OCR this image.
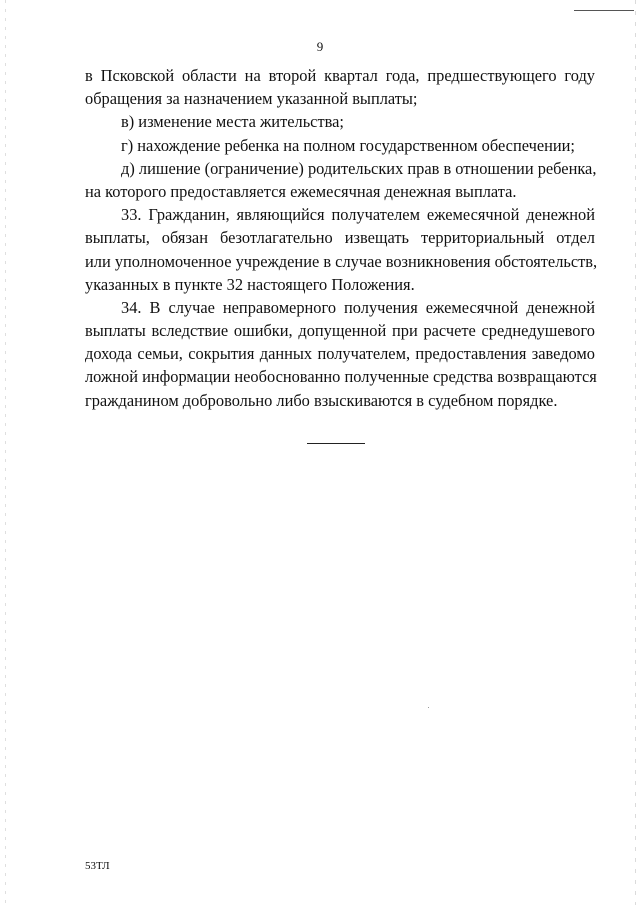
9
в Псковской области на второй квартал года, предшествующего году
обращения за назначением указанной выплаты;
в) изменение места жительства;
г) нахождение ребенка на полном государственном обеспечении;
д) лишение (ограничение) родительских прав в отношении ребенка,
на которого предоставляется ежемесячная денежная выплата.
33. Гражданин, являющийся получателем ежемесячной денежной
выплаты, обязан безотлагательно извещать территориальный отдел
или уполномоченное учреждение в случае возникновения обстоятельств,
указанных в пункте 32 настоящего Положения.
34. В случае неправомерного получения ежемесячной денежной
выплаты вследствие ошибки, допущенной при расчете среднедушевого
дохода семьи, сокрытия данных получателем, предоставления заведомо
ложной информации необоснованно полученные средства возвращаются
гражданином добровольно либо взыскиваются в судебном порядке.
53ТЛ
